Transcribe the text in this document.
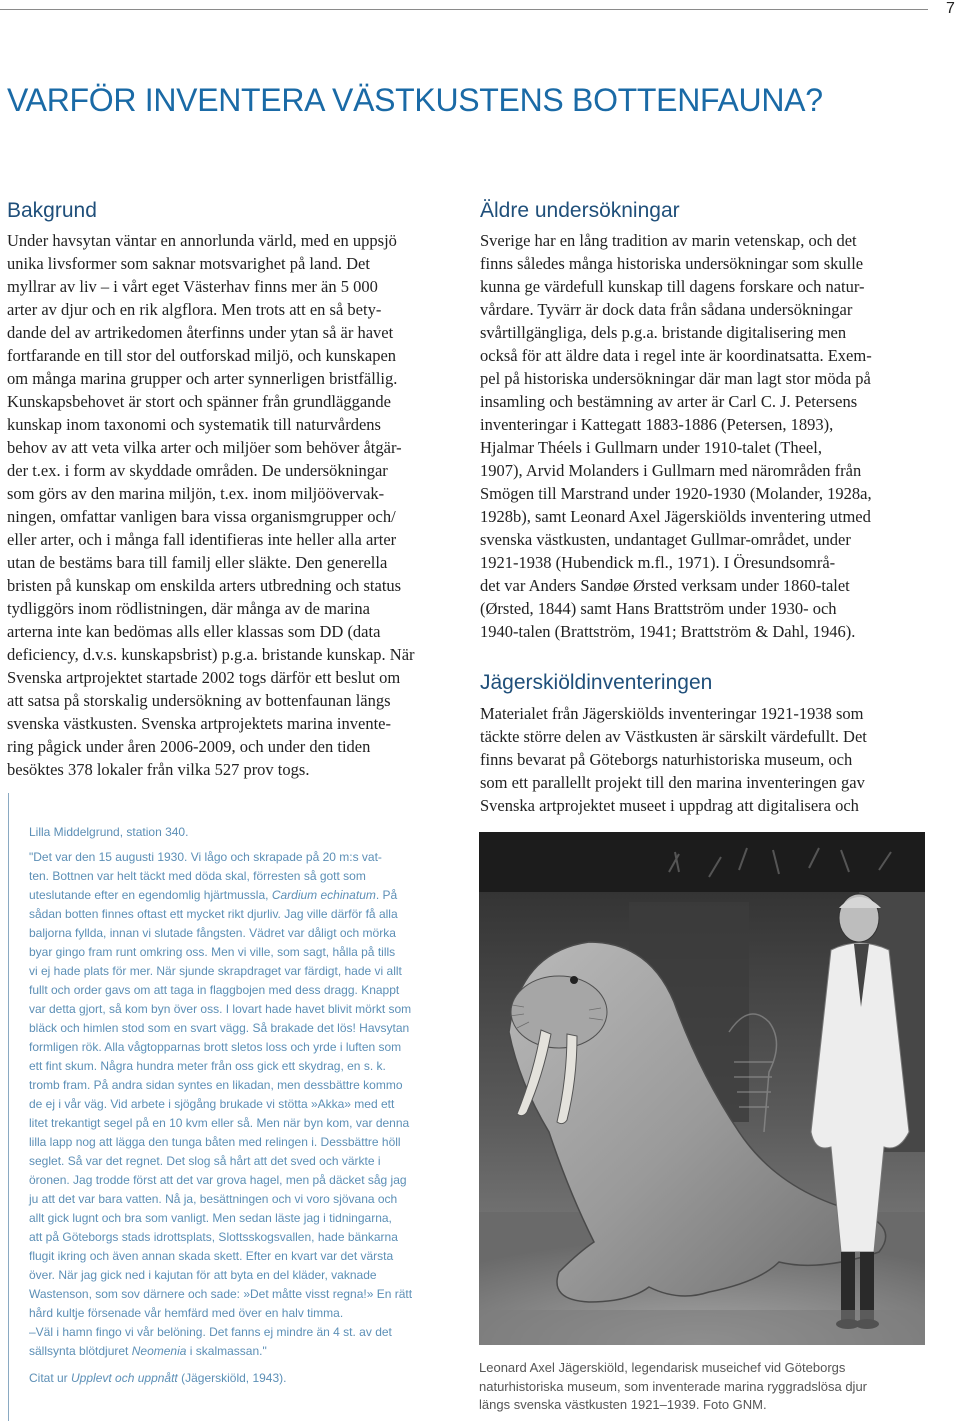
7
VARFÖR INVENTERA VÄSTKUSTENS BOTTENFAUNA?
Bakgrund
Under havsytan väntar en annorlunda värld, med en uppsjö
unika livsformer som saknar motsvarighet på land. Det
myllrar av liv – i vårt eget Västerhav finns mer än 5 000
arter av djur och en rik algflora. Men trots att en så bety-
dande del av artrikedomen återfinns under ytan så är havet
fortfarande en till stor del outforskad miljö, och kunskapen
om många marina grupper och arter synnerligen bristfällig.
Kunskapsbehovet är stort och spänner från grundläggande
kunskap inom taxonomi och systematik till naturvårdens
behov av att veta vilka arter och miljöer som behöver åtgär-
der t.ex. i form av skyddade områden. De undersökningar
som görs av den marina miljön, t.ex. inom miljöövervak-
ningen, omfattar vanligen bara vissa organismgrupper och/
eller arter, och i många fall identifieras inte heller alla arter
utan de bestäms bara till familj eller släkte. Den generella
bristen på kunskap om enskilda arters utbredning och status
tydliggörs inom rödlistningen, där många av de marina
arterna inte kan bedömas alls eller klassas som DD (data
deficiency, d.v.s. kunskapsbrist) p.g.a. bristande kunskap. När
Svenska artprojektet startade 2002 togs därför ett beslut om
att satsa på storskalig undersökning av bottenfaunan längs
svenska västkusten. Svenska artprojektets marina invente-
ring pågick under åren 2006-2009, och under den tiden
besöktes 378 lokaler från vilka 527 prov togs.
Äldre undersökningar
Sverige har en lång tradition av marin vetenskap, och det
finns således många historiska undersökningar som skulle
kunna ge värdefull kunskap till dagens forskare och natur-
vårdare. Tyvärr är dock data från sådana undersökningar
svårtillgängliga, dels p.g.a. bristande digitalisering men
också för att äldre data i regel inte är koordinatsatta. Exem-
pel på historiska undersökningar där man lagt stor möda på
insamling och bestämning av arter är Carl C. J. Petersens
inventeringar i Kattegatt 1883-1886 (Petersen, 1893),
Hjalmar Théels i Gullmarn under 1910-talet (Theel,
1907), Arvid Molanders i Gullmarn med närområden från
Smögen till Marstrand under 1920-1930 (Molander, 1928a,
1928b), samt Leonard Axel Jägerskiölds inventering utmed
svenska västkusten, undantaget Gullmar-området, under
1921-1938 (Hubendick m.fl., 1971). I Öresundsområ-
det var Anders Sandøe Ørsted verksam under 1860-talet
(Ørsted, 1844) samt Hans Brattström under 1930- och
1940-talen (Brattström, 1941; Brattström & Dahl, 1946).
Jägerskiöldinventeringen
Materialet från Jägerskiölds inventeringar 1921-1938 som
täckte större delen av Västkusten är särskilt värdefullt. Det
finns bevarat på Göteborgs naturhistoriska museum, och
som ett parallellt projekt till den marina inventeringen gav
Svenska artprojektet museet i uppdrag att digitalisera och
Lilla Middelgrund, station 340.
"Det var den 15 augusti 1930. Vi lågo och skrapade på 20 m:s vat-
ten. Bottnen var helt täckt med döda skal, förresten så gott som
uteslutande efter en egendomlig hjärtmussla, Cardium echinatum. På
sådan botten finnes oftast ett mycket rikt djurliv. Jag ville därför få alla
baljorna fyllda, innan vi slutade fångsten. Vädret var dåligt och mörka
byar gingo fram runt omkring oss. Men vi ville, som sagt, hålla på tills
vi ej hade plats för mer. När sjunde skrapdraget var färdigt, hade vi allt
fullt och order gavs om att taga in flaggbojen med dess dragg. Knappt
var detta gjort, så kom byn över oss. I lovart hade havet blivit mörkt som
bläck och himlen stod som en svart vägg. Så brakade det lös! Havsytan
formligen rök. Alla vågtopparnas brott sletos loss och yrde i luften som
ett fint skum. Några hundra meter från oss gick ett skydrag, en s. k.
tromb fram. På andra sidan syntes en likadan, men dessbättre kommo
de ej i vår väg. Vid arbete i sjögång brukade vi stötta »Akka» med ett
litet trekantigt segel på en 10 kvm eller så. Men när byn kom, var denna
lilla lapp nog att lägga den tunga båten med relingen i. Dessbättre höll
seglet. Så var det regnet. Det slog så hårt att det sved och värkte i
öronen. Jag trodde först att det var grova hagel, men på däcket såg jag
ju att det var bara vatten. Nå ja, besättningen och vi voro sjövana och
allt gick lugnt och bra som vanligt. Men sedan läste jag i tidningarna,
att på Göteborgs stads idrottsplats, Slottsskogsvallen, hade bänkarna
flugit ikring och även annan skada skett. Efter en kvart var det värsta
över. När jag gick ned i kajutan för att byta en del kläder, vaknade
Wastenson, som sov därnere och sade: »Det måtte visst regna!» En rätt
hård kultje försenade vår hemfärd med över en halv timma.
–Väl i hamn fingo vi vår belöning. Det fanns ej mindre än 4 st. av det
sällsynta blötdjuret Neomenia i skalmassan."
Citat ur Upplevt och uppnått (Jägerskiöld, 1943).
Leonard Axel Jägerskiöld, legendarisk museichef vid Göteborgs
naturhistoriska museum, som inventerade marina ryggradslösa djur
längs svenska västkusten 1921–1939. Foto GNM.
